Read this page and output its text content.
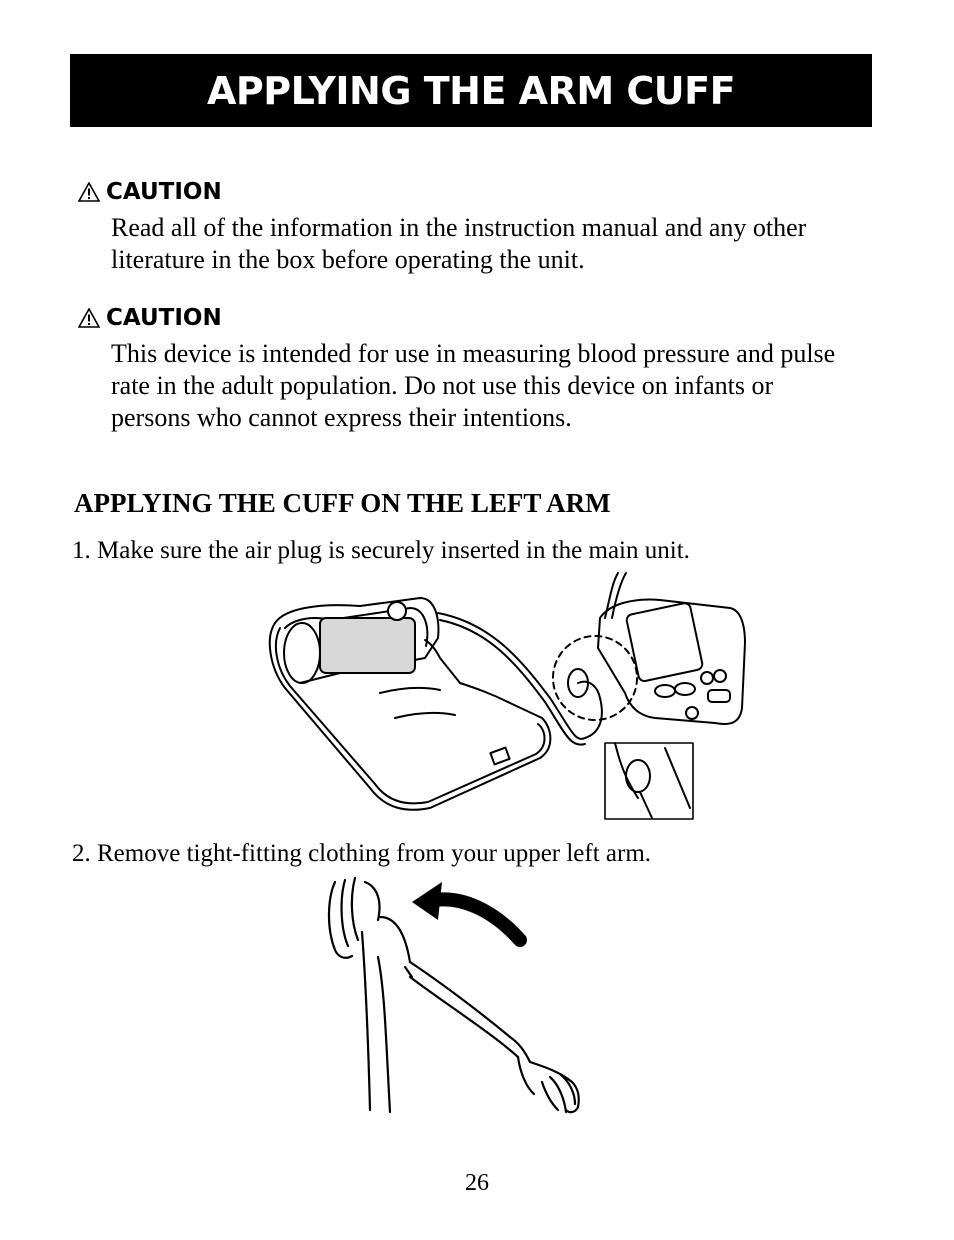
APPLYING THE ARM CUFF
CAUTION
Read all of the information in the instruction manual and any other literature in the box before operating the unit.
CAUTION
This device is intended for use in measuring blood pressure and pulse rate in the adult population. Do not use this device on infants or persons who cannot express their intentions.
APPLYING THE CUFF ON THE LEFT ARM

1. Make sure the air plug is securely inserted in the main unit.

2. Remove tight-fitting clothing from your upper left arm.

26
